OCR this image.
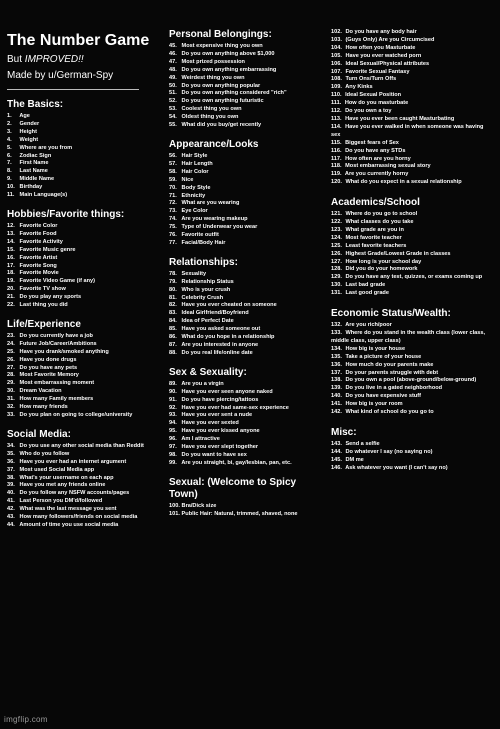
The Number Game
But IMPROVED!!
Made by u/German-Spy
The Basics:
1. Age
2. Gender
3. Height
4. Weight
5. Where are you from
6. Zodiac Sign
7. First Name
8. Last Name
9. Middle Name
10. Birthday
11. Main Language(s)
Hobbies/Favorite things:
12. Favorite Color
13. Favorite Food
14. Favorite Activity
15. Favorite Music genre
16. Favorite Artist
17. Favorite Song
18. Favorite Movie
19. Favorite Video Game (if any)
20. Favorite TV show
21. Do you play any sports
22. Last thing you did
Life/Experience
23. Do you currently have a job
24. Future Job/Career/Ambitions
25. Have you drank/smoked anything
26. Have you done drugs
27. Do you have any pets
28. Most Favorite Memory
29. Most embarrassing moment
30. Dream Vacation
31. How many Family members
32. How many friends
33. Do you plan on going to college/university
Social Media:
34. Do you use any other social media than Reddit
35. Who do you follow
36. Have you ever had an internet argument
37. Most used Social Media app
38. What's your username on each app
39. Have you met any friends online
40. Do you follow any NSFW accounts/pages
41. Last Person you DM'd/followed
42. What was the last message you sent
43. How many followers/friends on social media
44. Amount of time you use social media
Personal Belongings:
45. Most expensive thing you own
46. Do you own anything above $1,000
47. Most prized possession
48. Do you own anything embarrassing
49. Weirdest thing you own
50. Do you own anything popular
51. Do you own anything considered "rich"
52. Do you own anything futuristic
53. Coolest thing you own
54. Oldest thing you own
55. What did you buy/get recently
Appearance/Looks
56. Hair Style
57. Hair Length
58. Hair Color
59. Nice
70. Body Style
71. Ethnicity
72. What are you wearing
73. Eye Color
74. Are you wearing makeup
75. Type of Underwear you wear
76. Favorite outfit
77. Facial/Body Hair
Relationships:
78. Sexuality
79. Relationship Status
80. Who is your crush
81. Celebrity Crush
82. Have you ever cheated on someone
83. Ideal Girlfriend/Boyfriend
84. Idea of Perfect Date
85. Have you asked someone out
86. What do you hope in a relationship
87. Are you interested in anyone
88. Do you real life/online date
Sex & Sexuality:
89. Are you a virgin
90. Have you ever seen anyone naked
91. Do you have piercing/tattoos
92. Have you ever had same-sex experience
93. Have you ever sent a nude
94. Have you ever sexted
95. Have you ever kissed anyone
96. Am I attractive
97. Have you ever slept together
98. Do you want to have sex
99. Are you straight, bi, gay/lesbian, pan, etc.
Sexual: (Welcome to Spicy Town)
100. Bra/Dick size
101. Public Hair: Natural, trimmed, shaved, none
102. Do you have any body hair
103. (Guys Only) Are you Circumcised
104. How often you Masturbate
105. Have you ever watched porn
106. Ideal Sexual/Physical attributes
107. Favorite Sexual Fantasy
108. Turn Ons/Turn Offs
109. Any Kinks
110. Ideal Sexual Position
111. How do you masturbate
112. Do you own a toy
113. Have you ever been caught Masturbating
114. Have you ever walked in when someone was having sex
115. Biggest fears of Sex
116. Do you have any STDs
117. How often are you horny
118. Most embarrassing sexual story
119. Are you currently horny
120. What do you expect in a sexual relationship
Academics/School
121. Where do you go to school
122. What classes do you take
123. What grade are you in
124. Most favorite teacher
125. Least favorite teachers
126. Highest Grade/Lowest Grade in classes
127. How long is your school day
128. Did you do your homework
129. Do you have any test, quizzes, or exams coming up
130. Last bad grade
131. Last good grade
Economic Status/Wealth:
132. Are you rich/poor
133. Where do you stand in the wealth class (lower class, middle class, upper class)
134. How big is your house
135. Take a picture of your house
136. How much do your parents make
137. Do your parents struggle with debt
138. Do you own a pool (above-ground/below-ground)
139. Do you live in a gated neighborhood
140. Do you have expensive stuff
141. How big is your room
142. What kind of school do you go to
Misc:
143. Send a selfie
144. Do whatever I say (no saying no)
145. DM me
146. Ask whatever you want (I can't say no)
imgflip.com
